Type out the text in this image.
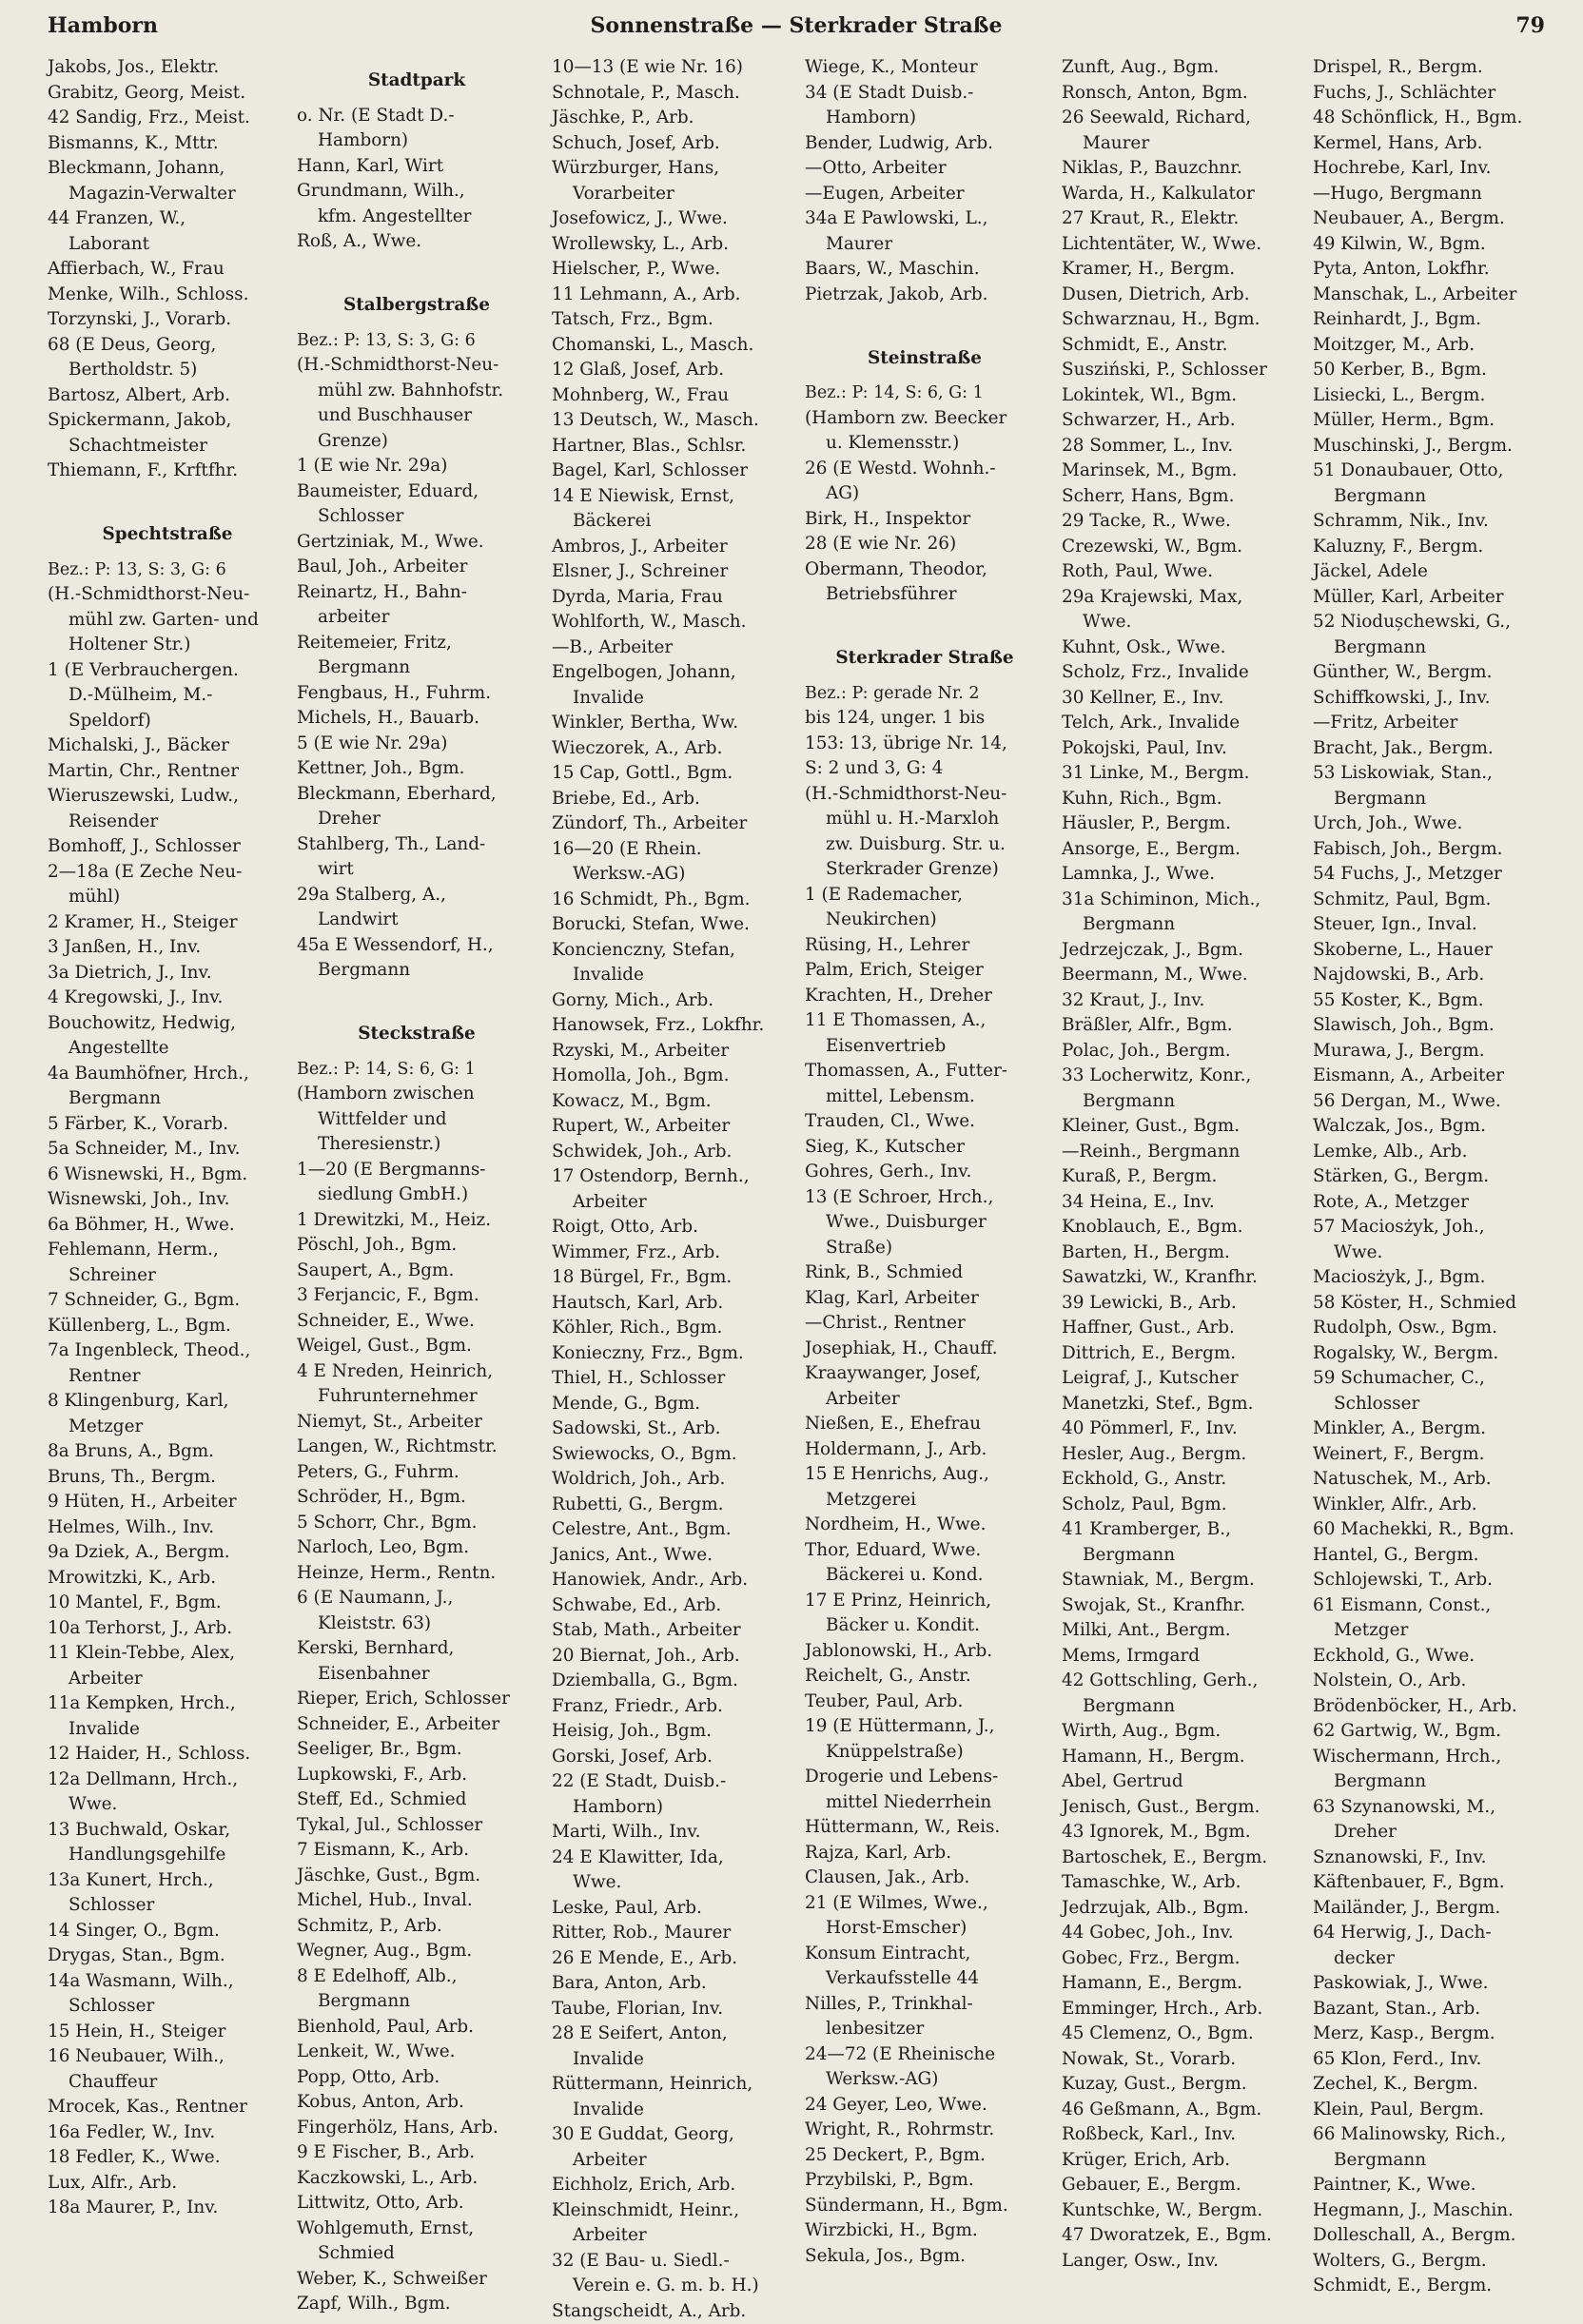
Hamborn	Sonnenstraße — Sterkrader Straße	79
Jakobs, Jos., Elektr.
Grabitz, Georg, Meist.
42 Sandig, Frz., Meist.
Bismanns, K., Mttr.
Bleckmann, Johann,
Magazin-Verwalter
44 Franzen, W.,
Laborant
Affierbach, W., Frau
Menke, Wilh., Schloss.
Torzynski, J., Vorarb.
68 (E Deus, Georg,
Bertholdstr. 5)
Bartosz, Albert, Arb.
Spickermann, Jakob,
Schachtmeister
Thiemann, F., Krftfhr.
Spechtstraße
Bez.: P: 13, S: 3, G: 6
(H.-Schmidthorst-Neu-
mühl zw. Garten- und
Holtener Str.)
1 (E Verbrauchergen.
D.-Mülheim, M.-
Speldorf)
Michalski, J., Bäcker
Martin, Chr., Rentner
Wieruszewski, Ludw.,
Reisender
Bomhoff, J., Schlosser
2—18a (E Zeche Neu-
mühl)
2 Kramer, H., Steiger
3 Janßen, H., Inv.
3a Dietrich, J., Inv.
4 Kregowski, J., Inv.
Bouchowitz, Hedwig,
Angestellte
4a Baumhöfner, Hrch.,
Bergmann
5 Färber, K., Vorarb.
5a Schneider, M., Inv.
6 Wisnewski, H., Bgm.
Wisnewski, Joh., Inv.
6a Böhmer, H., Wwe.
Fehlemann, Herm.,
Schreiner
7 Schneider, G., Bgm.
Küllenberg, L., Bgm.
7a Ingenbleck, Theod.,
Rentner
8 Klingenburg, Karl,
Metzger
8a Bruns, A., Bgm.
Bruns, Th., Bergm.
9 Hüten, H., Arbeiter
Helmes, Wilh., Inv.
9a Dziek, A., Bergm.
Mrowitzki, K., Arb.
10 Mantel, F., Bgm.
10a Terhorst, J., Arb.
11 Klein-Tebbe, Alex,
Arbeiter
11a Kempken, Hrch.,
Invalide
12 Haider, H., Schloss.
12a Dellmann, Hrch.,
Wwe.
13 Buchwald, Oskar,
Handlungsgehilfe
13a Kunert, Hrch.,
Schlosser
14 Singer, O., Bgm.
Drygas, Stan., Bgm.
14a Wasmann, Wilh.,
Schlosser
15 Hein, H., Steiger
16 Neubauer, Wilh.,
Chauffeur
Mrocek, Kas., Rentner
16a Fedler, W., Inv.
18 Fedler, K., Wwe.
Lux, Alfr., Arb.
18a Maurer, P., Inv.
Stadtpark
o. Nr. (E Stadt D.-
Hamborn)
Hann, Karl, Wirt
Grundmann, Wilh.,
kfm. Angestellter
Roß, A., Wwe.
Stalbergstraße
Bez.: P: 13, S: 3, G: 6
(H.-Schmidthorst-Neu-
mühl zw. Bahnhofstr.
und Buschhauser
Grenze)
1 (E wie Nr. 29a)
Baumeister, Eduard,
Schlosser
Gertziniak, M., Wwe.
Baul, Joh., Arbeiter
Reinartz, H., Bahn-
arbeiter
Reitemeier, Fritz,
Bergmann
Fengbaus, H., Fuhrm.
Michels, H., Bauarb.
5 (E wie Nr. 29a)
Kettner, Joh., Bgm.
Bleckmann, Eberhard,
Dreher
Stahlberg, Th., Land-
wirt
29a Stalberg, A.,
Landwirt
45a E Wessendorf, H.,
Bergmann
Steckstraße
Bez.: P: 14, S: 6, G: 1
(Hamborn zwischen
Wittfelder und
Theresienstr.)
1—20 (E Bergmanns-
siedlung GmbH.)
1 Drewitzki, M., Heiz.
Pöschl, Joh., Bgm.
Saupert, A., Bgm.
3 Ferjancic, F., Bgm.
Schneider, E., Wwe.
Weigel, Gust., Bgm.
4 E Nreden, Heinrich,
Fuhrunternehmer
Niemyt, St., Arbeiter
Langen, W., Richtmstr.
Peters, G., Fuhrm.
Schröder, H., Bgm.
5 Schorr, Chr., Bgm.
Narloch, Leo, Bgm.
Heinze, Herm., Rentn.
6 (E Naumann, J.,
Kleiststr. 63)
Kerski, Bernhard,
Eisenbahner
Rieper, Erich, Schlosser
Schneider, E., Arbeiter
Seeliger, Br., Bgm.
Lupkowski, F., Arb.
Steff, Ed., Schmied
Tykal, Jul., Schlosser
7 Eismann, K., Arb.
Jäschke, Gust., Bgm.
Michel, Hub., Inval.
Schmitz, P., Arb.
Wegner, Aug., Bgm.
8 E Edelhoff, Alb.,
Bergmann
Bienhold, Paul, Arb.
Lenkeit, W., Wwe.
Popp, Otto, Arb.
Kobus, Anton, Arb.
Fingerhölz, Hans, Arb.
9 E Fischer, B., Arb.
Kaczkowski, L., Arb.
Littwitz, Otto, Arb.
Wohlgemuth, Ernst,
Schmied
Weber, K., Schweißer
Zapf, Wilh., Bgm.
10—13 (E wie Nr. 16)
Schnotale, P., Masch.
Jäschke, P., Arb.
Schuch, Josef, Arb.
Würzburger, Hans,
Vorarbeiter
Josefowicz, J., Wwe.
Wrollewsky, L., Arb.
Hielscher, P., Wwe.
11 Lehmann, A., Arb.
Tatsch, Frz., Bgm.
Chomanski, L., Masch.
12 Glaß, Josef, Arb.
Mohnberg, W., Frau
13 Deutsch, W., Masch.
Hartner, Blas., Schlsr.
Bagel, Karl, Schlosser
14 E Niewisk, Ernst,
Bäckerei
Ambros, J., Arbeiter
Elsner, J., Schreiner
Dyrda, Maria, Frau
Wohlforth, W., Masch.
—B., Arbeiter
Engelbogen, Johann,
Invalide
Winkler, Bertha, Ww.
Wieczorek, A., Arb.
15 Cap, Gottl., Bgm.
Briebe, Ed., Arb.
Zündorf, Th., Arbeiter
16—20 (E Rhein.
Werksw.-AG)
16 Schmidt, Ph., Bgm.
Borucki, Stefan, Wwe.
Koncienczny, Stefan,
Invalide
Gorny, Mich., Arb.
Hanowsek, Frz., Lokfhr.
Rzyski, M., Arbeiter
Homolla, Joh., Bgm.
Kowacz, M., Bgm.
Rupert, W., Arbeiter
Schwidek, Joh., Arb.
17 Ostendorp, Bernh.,
Arbeiter
Roigt, Otto, Arb.
Wimmer, Frz., Arb.
18 Bürgel, Fr., Bgm.
Hautsch, Karl, Arb.
Köhler, Rich., Bgm.
Konieczny, Frz., Bgm.
Thiel, H., Schlosser
Mende, G., Bgm.
Sadowski, St., Arb.
Swiewocks, O., Bgm.
Woldrich, Joh., Arb.
Rubetti, G., Bergm.
Celestre, Ant., Bgm.
Janics, Ant., Wwe.
Hanowiek, Andr., Arb.
Schwabe, Ed., Arb.
Stab, Math., Arbeiter
20 Biernat, Joh., Arb.
Dziemballa, G., Bgm.
Franz, Friedr., Arb.
Heisig, Joh., Bgm.
Gorski, Josef, Arb.
22 (E Stadt, Duisb.-
Hamborn)
Marti, Wilh., Inv.
24 E Klawitter, Ida,
Wwe.
Leske, Paul, Arb.
Ritter, Rob., Maurer
26 E Mende, E., Arb.
Bara, Anton, Arb.
Taube, Florian, Inv.
28 E Seifert, Anton,
Invalide
Rüttermann, Heinrich,
Invalide
30 E Guddat, Georg,
Arbeiter
Eichholz, Erich, Arb.
Kleinschmidt, Heinr.,
Arbeiter
32 (E Bau- u. Siedl.-
Verein e. G. m. b. H.)
Stangscheidt, A., Arb.
Wiege, K., Monteur
34 (E Stadt Duisb.-
Hamborn)
Bender, Ludwig, Arb.
—Otto, Arbeiter
—Eugen, Arbeiter
34a E Pawlowski, L.,
Maurer
Baars, W., Maschin.
Pietrzak, Jakob, Arb.
Steinstraße
Bez.: P: 14, S: 6, G: 1
(Hamborn zw. Beecker
u. Klemensstr.)
26 (E Westd. Wohnh.-
AG)
Birk, H., Inspektor
28 (E wie Nr. 26)
Obermann, Theodor,
Betriebsführer
Sterkrader Straße
Bez.: P: gerade Nr. 2
bis 124, unger. 1 bis
153: 13, übrige Nr. 14,
S: 2 und 3, G: 4
(H.-Schmidthorst-Neu-
mühl u. H.-Marxloh
zw. Duisburg. Str. u.
Sterkrader Grenze)
1 (E Rademacher,
Neukirchen)
Rüsing, H., Lehrer
Palm, Erich, Steiger
Krachten, H., Dreher
11 E Thomassen, A.,
Eisenvertrieb
Thomassen, A., Futter-
mittel, Lebensm.
Trauden, Cl., Wwe.
Sieg, K., Kutscher
Gohres, Gerh., Inv.
13 (E Schroer, Hrch.,
Wwe., Duisburger
Straße)
Rink, B., Schmied
Klag, Karl, Arbeiter
—Christ., Rentner
Josephiak, H., Chauff.
Kraaywanger, Josef,
Arbeiter
Nießen, E., Ehefrau
Holdermann, J., Arb.
15 E Henrichs, Aug.,
Metzgerei
Nordheim, H., Wwe.
Thor, Eduard, Wwe.
Bäckerei u. Kond.
17 E Prinz, Heinrich,
Bäcker u. Kondit.
Jablonowski, H., Arb.
Reichelt, G., Anstr.
Teuber, Paul, Arb.
19 (E Hüttermann, J.,
Knüppelstraße)
Drogerie und Lebens-
mittel Niederrhein
Hüttermann, W., Reis.
Rajza, Karl, Arb.
Clausen, Jak., Arb.
21 (E Wilmes, Wwe.,
Horst-Emscher)
Konsum Eintracht,
Verkaufsstelle 44
Nilles, P., Trinkhal-
lenbesitzer
24—72 (E Rheinische
Werksw.-AG)
24 Geyer, Leo, Wwe.
Wright, R., Rohrmstr.
25 Deckert, P., Bgm.
Przybilski, P., Bgm.
Sündermann, H., Bgm.
Wirzbicki, H., Bgm.
Sekula, Jos., Bgm.
Zunft, Aug., Bgm.
Ronsch, Anton, Bgm.
26 Seewald, Richard,
Maurer
Niklas, P., Bauzchnr.
Warda, H., Kalkulator
27 Kraut, R., Elektr.
Lichtentäter, W., Wwe.
Kramer, H., Bergm.
Dusen, Dietrich, Arb.
Schwarznau, H., Bgm.
Schmidt, E., Anstr.
Susziński, P., Schlosser
Lokintek, Wl., Bgm.
Schwarzer, H., Arb.
28 Sommer, L., Inv.
Marinsek, M., Bgm.
Scherr, Hans, Bgm.
29 Tacke, R., Wwe.
Crezewski, W., Bgm.
Roth, Paul, Wwe.
29a Krajewski, Max,
Wwe.
Kuhnt, Osk., Wwe.
Scholz, Frz., Invalide
30 Kellner, E., Inv.
Telch, Ark., Invalide
Pokojski, Paul, Inv.
31 Linke, M., Bergm.
Kuhn, Rich., Bgm.
Häusler, P., Bergm.
Ansorge, E., Bergm.
Lamnka, J., Wwe.
31a Schiminon, Mich.,
Bergmann
Jedrzejczak, J., Bgm.
Beermann, M., Wwe.
32 Kraut, J., Inv.
Bräßler, Alfr., Bgm.
Polac, Joh., Bergm.
33 Locherwitz, Konr.,
Bergmann
Kleiner, Gust., Bgm.
—Reinh., Bergmann
Kuraß, P., Bergm.
34 Heina, E., Inv.
Knoblauch, E., Bgm.
Barten, H., Bergm.
Sawatzki, W., Kranfhr.
39 Lewicki, B., Arb.
Haffner, Gust., Arb.
Dittrich, E., Bergm.
Leigraf, J., Kutscher
Manetzki, Stef., Bgm.
40 Pömmerl, F., Inv.
Hesler, Aug., Bergm.
Eckhold, G., Anstr.
Scholz, Paul, Bgm.
41 Kramberger, B.,
Bergmann
Stawniak, M., Bergm.
Swojak, St., Kranfhr.
Milki, Ant., Bergm.
Mems, Irmgard
42 Gottschling, Gerh.,
Bergmann
Wirth, Aug., Bgm.
Hamann, H., Bergm.
Abel, Gertrud
Jenisch, Gust., Bergm.
43 Ignorek, M., Bgm.
Bartoschek, E., Bergm.
Tamaschke, W., Arb.
Jedrzujak, Alb., Bgm.
44 Gobec, Joh., Inv.
Gobec, Frz., Bergm.
Hamann, E., Bergm.
Emminger, Hrch., Arb.
45 Clemenz, O., Bgm.
Nowak, St., Vorarb.
Kuzay, Gust., Bergm.
46 Geßmann, A., Bgm.
Roßbeck, Karl., Inv.
Krüger, Erich, Arb.
Gebauer, E., Bergm.
Kuntschke, W., Bergm.
47 Dworatzek, E., Bgm.
Langer, Osw., Inv.
Drispel, R., Bergm.
Fuchs, J., Schlächter
48 Schönflick, H., Bgm.
Kermel, Hans, Arb.
Hochrebe, Karl, Inv.
—Hugo, Bergmann
Neubauer, A., Bergm.
49 Kilwin, W., Bgm.
Pyta, Anton, Lokfhr.
Manschak, L., Arbeiter
Reinhardt, J., Bgm.
Moitzger, M., Arb.
50 Kerber, B., Bgm.
Lisiecki, L., Bergm.
Müller, Herm., Bgm.
Muschinski, J., Bergm.
51 Donaubauer, Otto,
Bergmann
Schramm, Nik., Inv.
Kaluzny, F., Bergm.
Jäckel, Adele
Müller, Karl, Arbeiter
52 Niodușchewski, G.,
Bergmann
Günther, W., Bergm.
Schiffkowski, J., Inv.
—Fritz, Arbeiter
Bracht, Jak., Bergm.
53 Liskowiak, Stan.,
Bergmann
Urch, Joh., Wwe.
Fabisch, Joh., Bergm.
54 Fuchs, J., Metzger
Schmitz, Paul, Bgm.
Steuer, Ign., Inval.
Skoberne, L., Hauer
Najdowski, B., Arb.
55 Koster, K., Bgm.
Slawisch, Joh., Bgm.
Murawa, J., Bergm.
Eismann, A., Arbeiter
56 Dergan, M., Wwe.
Walczak, Jos., Bgm.
Lemke, Alb., Arb.
Stärken, G., Bergm.
Rote, A., Metzger
57 Maciosżyk, Joh.,
Wwe.
Maciosżyk, J., Bgm.
58 Köster, H., Schmied
Rudolph, Osw., Bgm.
Rogalsky, W., Bergm.
59 Schumacher, C.,
Schlosser
Minkler, A., Bergm.
Weinert, F., Bergm.
Natuschek, M., Arb.
Winkler, Alfr., Arb.
60 Machekki, R., Bgm.
Hantel, G., Bergm.
Schlojewski, T., Arb.
61 Eismann, Const.,
Metzger
Eckhold, G., Wwe.
Nolstein, O., Arb.
Brödenböcker, H., Arb.
62 Gartwig, W., Bgm.
Wischermann, Hrch.,
Bergmann
63 Szynanowski, M.,
Dreher
Sznanowski, F., Inv.
Käftenbauer, F., Bgm.
Mailänder, J., Bergm.
64 Herwig, J., Dach-
decker
Paskowiak, J., Wwe.
Bazant, Stan., Arb.
Merz, Kasp., Bergm.
65 Klon, Ferd., Inv.
Zechel, K., Bergm.
Klein, Paul, Bergm.
66 Malinowsky, Rich.,
Bergmann
Paintner, K., Wwe.
Hegmann, J., Maschin.
Dolleschall, A., Bergm.
Wolters, G., Bergm.
Schmidt, E., Bergm.
